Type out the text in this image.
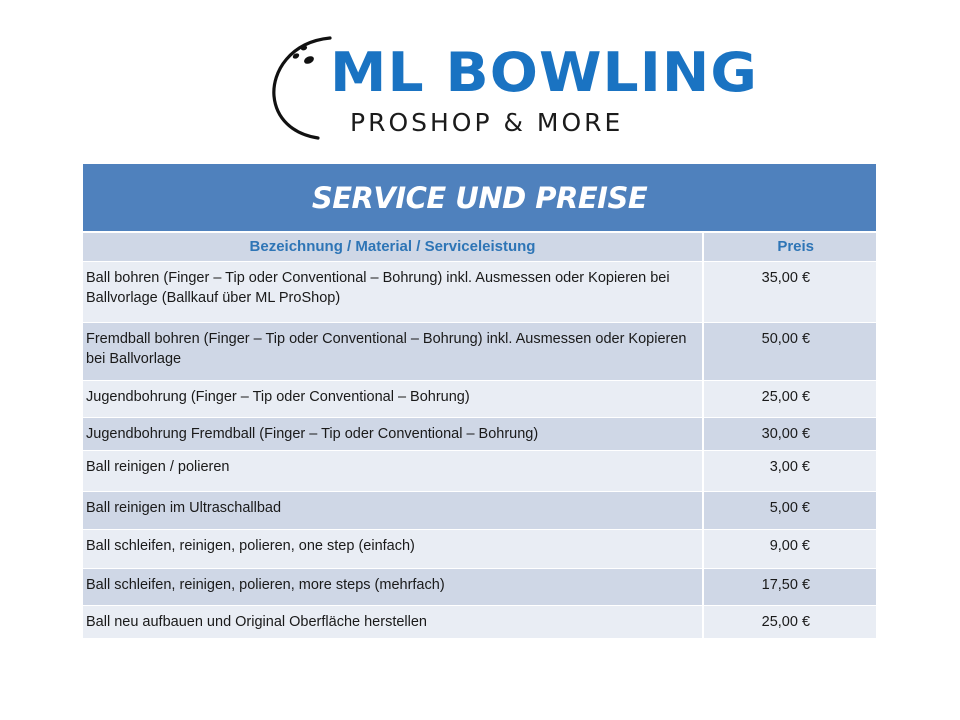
ML BOWLING
PROSHOP & MORE
SERVICE UND PREISE	

Bezeichnung / Material / Serviceleistung	Preis
Ball bohren (Finger – Tip oder Conventional – Bohrung) inkl. Ausmessen oder Kopieren bei Ballvorlage (Ballkauf über ML ProShop)	35,00 €
Fremdball bohren (Finger – Tip oder Conventional – Bohrung) inkl. Ausmessen oder Kopieren bei Ballvorlage	50,00 €
Jugendbohrung (Finger – Tip oder Conventional – Bohrung)	25,00 €
Jugendbohrung Fremdball (Finger – Tip oder Conventional – Bohrung)	30,00 €
Ball reinigen / polieren	3,00 €
Ball reinigen im Ultraschallbad	5,00 €
Ball schleifen, reinigen, polieren, one step (einfach)	9,00 €
Ball schleifen, reinigen, polieren, more steps (mehrfach)	17,50 €
Ball neu aufbauen und Original Oberfläche herstellen	25,00 €
